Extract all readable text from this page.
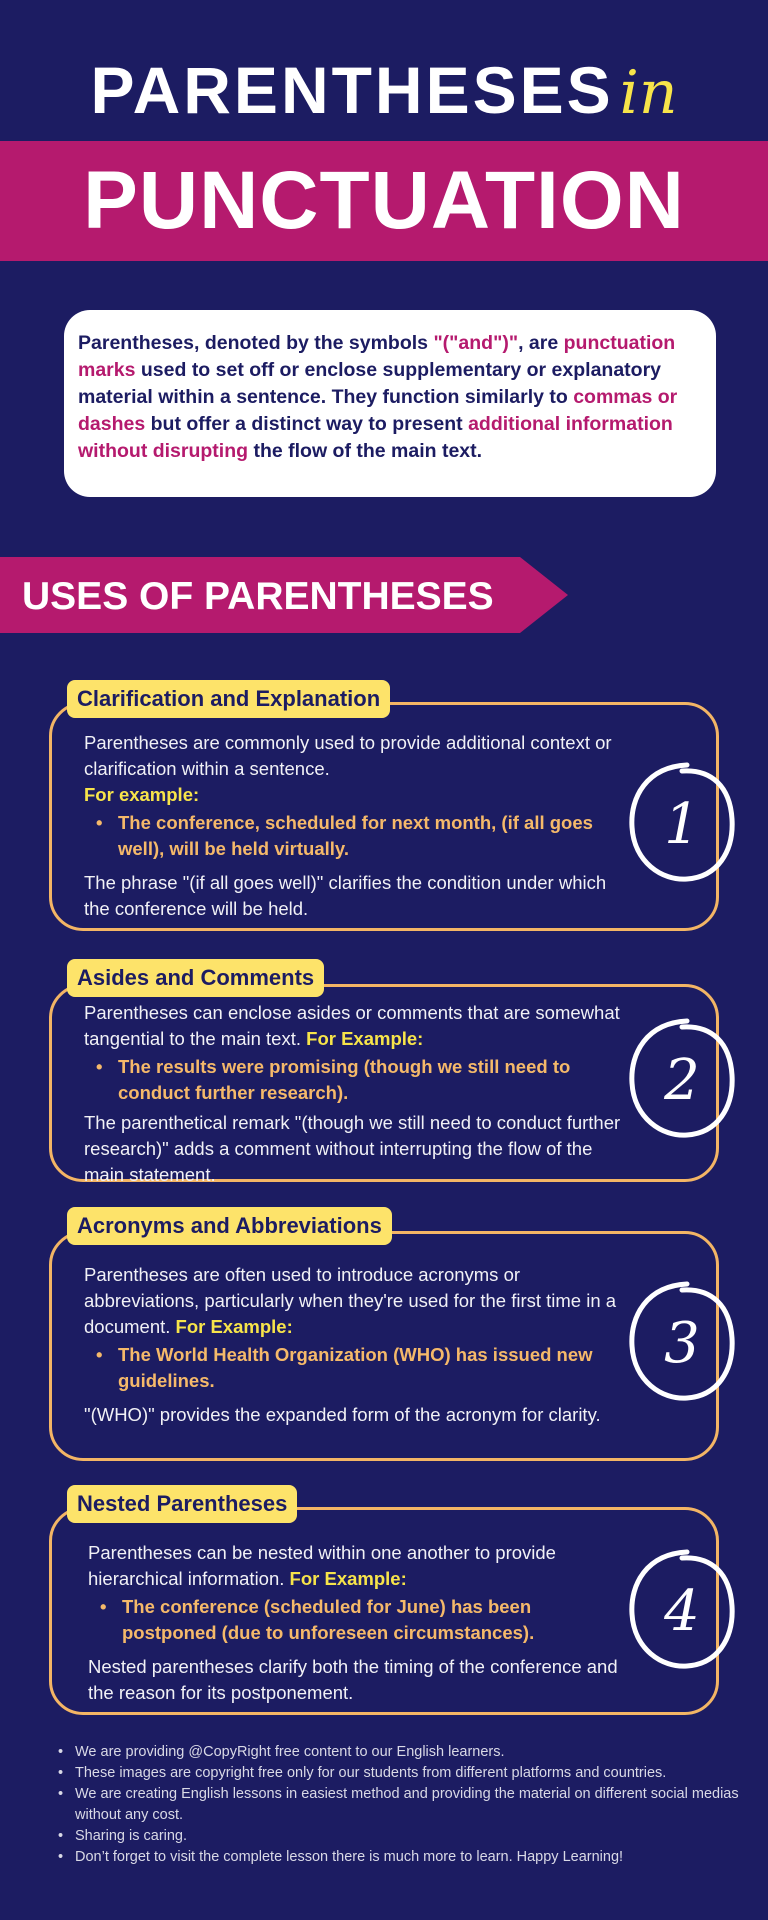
PARENTHESES in
PUNCTUATION
Parentheses, denoted by the symbols "("and")", are punctuation marks used to set off or enclose supplementary or explanatory material within a sentence. They function similarly to commas or dashes but offer a distinct way to present additional information without disrupting the flow of the main text.
USES OF PARENTHESES
Clarification and Explanation

Parentheses are commonly used to provide additional context or clarification within a sentence.
For example:

• The conference, scheduled for next month, (if all goes well), will be held virtually.

The phrase "(if all goes well)" clarifies the condition under which the conference will be held.

1
Asides and Comments

Parentheses can enclose asides or comments that are somewhat tangential to the main text. For Example:

• The results were promising (though we still need to conduct further research).

The parenthetical remark "(though we still need to conduct further research)" adds a comment without interrupting the flow of the main statement.

2
Acronyms and Abbreviations

Parentheses are often used to introduce acronyms or abbreviations, particularly when they're used for the first time in a document. For Example:

• The World Health Organization (WHO) has issued new guidelines.

"(WHO)" provides the expanded form of the acronym for clarity.

3
Nested Parentheses

Parentheses can be nested within one another to provide hierarchical information. For Example:

• The conference (scheduled for June) has been postponed (due to unforeseen circumstances).

Nested parentheses clarify both the timing of the conference and the reason for its postponement.

4
• We are providing @CopyRight free content to our English learners.
• These images are copyright free only for our students from different platforms and countries.
• We are creating English lessons in easiest method and providing the material on different social medias without any cost.
• Sharing is caring.
• Don’t forget to visit the complete lesson there is much more to learn. Happy Learning!
